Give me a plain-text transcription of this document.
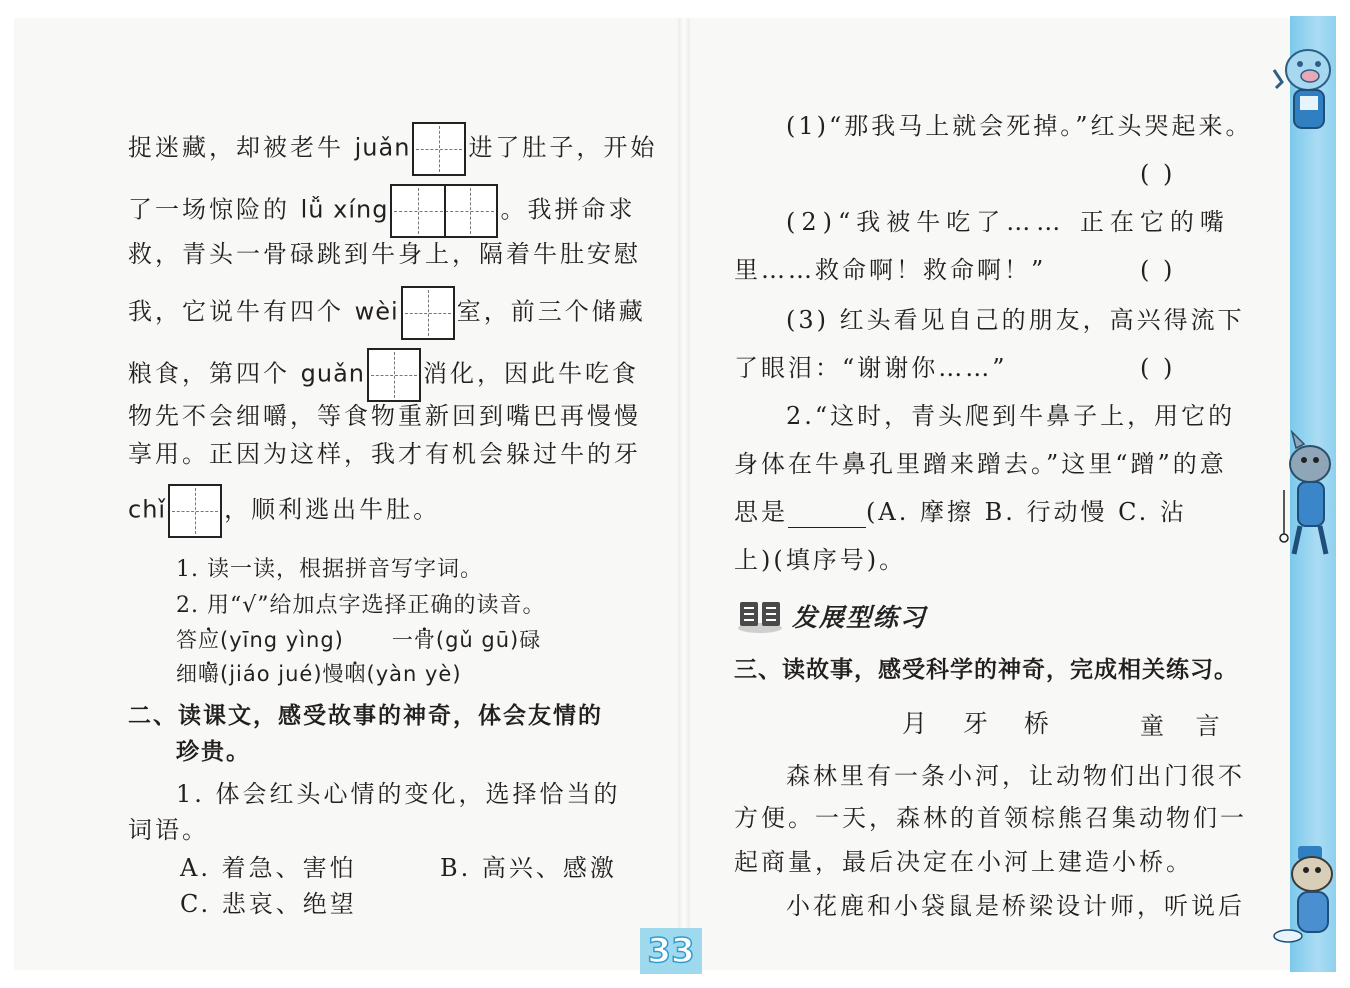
捉迷藏，却被老牛 juǎn 进了肚子，开始
了一场惊险的 lǚ xíng	。我拼命求
救，青头一骨碌跳到牛身上，隔着牛肚安慰
我，它说牛有四个 wèi 室，前三个储藏
粮食，第四个 guǎn 消化，因此牛吃食
物先不会细嚼，等食物重新回到嘴巴再慢慢
享用。正因为这样，我才有机会躲过牛的牙
chǐ ，顺利逃出牛肚。
1. 读一读，根据拼音写字词。
2. 用“√”给加点字选择正确的读音。
答应(yīng yìng) 一骨(gǔ gū)碌
细嚼(jiáo jué)慢咽(yàn yè)
二、读课文，感受故事的神奇，体会友情的
珍贵。
1. 体会红头心情的变化，选择恰当的
词语。
A. 着急、害怕	B. 高兴、感激
C. 悲哀、绝望
(1)“那我马上就会死掉。”红头哭起来。
( )
(2)“我被牛吃了…… 正在它的嘴
里……救命啊！救命啊！”	( )
(3) 红头看见自己的朋友，高兴得流下
了眼泪：“谢谢你……”	( )
2.“这时，青头爬到牛鼻子上，用它的
身体在牛鼻孔里蹭来蹭去。”这里“蹭”的意
思是	(A. 摩擦 B. 行动慢 C. 沾
上)(填序号)。
发展型练习
三、读故事，感受科学的神奇，完成相关练习。
月 牙 桥	童 言
森林里有一条小河，让动物们出门很不
方便。一天，森林的首领棕熊召集动物们一
起商量，最后决定在小河上建造小桥。
小花鹿和小袋鼠是桥梁设计师，听说后
33
